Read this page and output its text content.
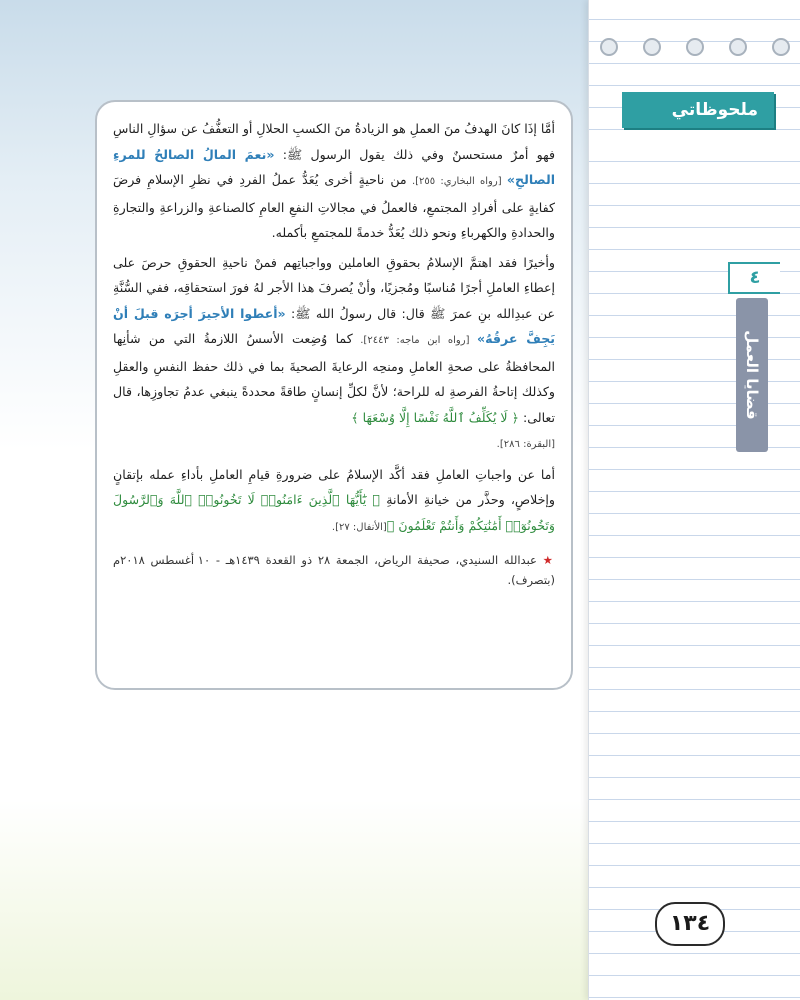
ملحوظاتي
٤
قضايا العمل

أمَّا إذَا كانَ الهدفُ منَ العملِ هو الزيادةُ منَ الكسبِ الحلالِ أو التعفُّفُ عن سؤالِ الناسِ فهو أمرٌ مستحسنٌ وفي ذلك يقول الرسول ﷺ: «نعمَ المالُ الصالحُ للمرءِ الصالحِ» [رواه البخاري: ٢٥٥]. من ناحيةٍ أخرى يُعَدُّ عملُ الفردِ في نظرِ الإسلامِ فرضَ كفايةٍ على أفرادِ المجتمعِ، فالعملُ في مجالاتِ النفعِ العامِ كالصناعةِ والزراعةِ والتجارةِ والحدادةِ والكهرباءِ ونحو ذلك يُعَدُّ خدمةً للمجتمعِ بأكمله.

وأخيرًا فقد اهتمَّ الإسلامُ بحقوقِ العاملين وواجباتِهم فمنْ ناحيةِ الحقوقِ حرصَ على إعطاءِ العاملِ أجرًا مُناسبًا ومُجزيًا، وأنْ يُصرفَ هذا الأجر لهُ فورَ استحقاقِه، ففي السُّنَّةِ عن عبدِالله بنِ عمرَ ﷺ قال: قال رسولُ الله ﷺ: «أعطوا الأجيرَ أجرَه قبلَ أنْ يَجِفَّ عرقُهُ» [رواه ابن ماجه: ٢٤٤٣]. كما وُضِعت الأسسُ اللازمةُ التي من شأنِها المحافظةُ على صحةِ العاملِ ومنحِه الرعايةَ الصحيةَ بما في ذلك حفظ النفسِ والعقلِ وكذلك إتاحةُ الفرصةِ له للراحة؛ لأنَّ لكلِّ إنسانٍ طاقةً محددةً ينبغي عدمُ تجاوزِها، قال تعالى: ﴿ لَا يُكَلِّفُ ٱللَّهُ نَفْسًا إِلَّا وُسْعَهَا ﴾
[البقرة: ٢٨٦].

أما عن واجباتِ العاملِ فقد أكَّد الإسلامُ على ضرورةِ قيامِ العاملِ بأداءِ عمله بإتقانٍ وإخلاصٍ، وحذَّر من خيانةِ الأمانةِ ﴿ يَٰٓأَيُّهَا ٱلَّذِينَ ءَامَنُوا۟ لَا تَخُونُوا۟ ٱللَّهَ وَٱلرَّسُولَ وَتَخُونُوٓا۟ أَمَٰنَٰتِكُمْ وَأَنتُمْ تَعْلَمُونَ ﴾[الأنفال: ٢٧].

★ عبدالله السنيدي، صحيفة الرياض، الجمعة ٢٨ ذو القعدة ١٤٣٩هـ - ١٠ أغسطس ٢٠١٨م (بتصرف).
١٣٤
